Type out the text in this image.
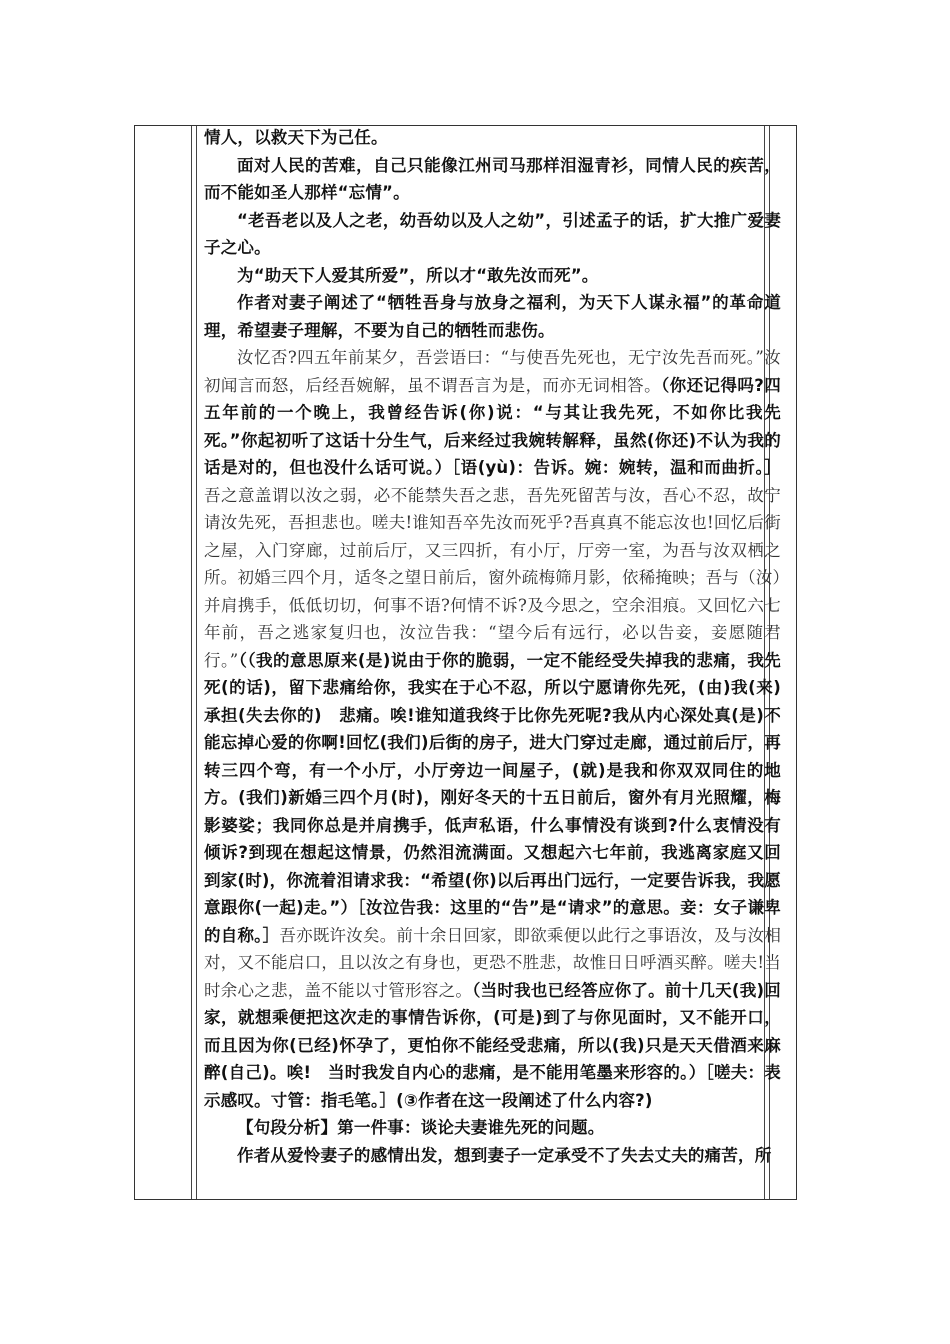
情人，以救天下为己任。

面对人民的苦难，自己只能像江州司马那样泪湿青衫，同情人民的疾苦，而不能如圣人那样“忘情”。

“老吾老以及人之老，幼吾幼以及人之幼”，引述孟子的话，扩大推广爱妻子之心。

为“助天下人爱其所爱”，所以才“敢先汝而死”。

作者对妻子阐述了“牺牲吾身与放身之福利，为天下人谋永福”的革命道理，希望妻子理解，不要为自己的牺牲而悲伤。

汝忆否?四五年前某夕，吾尝语曰：“与使吾先死也，无宁汝先吾而死。”汝初闻言而怒，后经吾婉解，虽不谓吾言为是，而亦无词相答。（你还记得吗?四五年前的一个晚上，我曾经告诉(你)说：“与其让我先死，不如你比我先死。”你起初听了这话十分生气，后来经过我婉转解释，虽然(你还)不认为我的话是对的，但也没什么话可说。）［语(yù)：告诉。婉：婉转，温和而曲折。］吾之意盖谓以汝之弱，必不能禁失吾之悲，吾先死留苦与汝，吾心不忍，故宁请汝先死，吾担悲也。嗟夫!谁知吾卒先汝而死乎?吾真真不能忘汝也!回忆后街之屋，入门穿廊，过前后厅，又三四折，有小厅，厅旁一室，为吾与汝双栖之所。初婚三四个月，适冬之望日前后，窗外疏梅筛月影，依稀掩映；吾与（汝）并肩携手，低低切切，何事不语?何情不诉?及今思之，空余泪痕。又回忆六七年前，吾之逃家复归也，汝泣告我：“望今后有远行，必以告妾，妾愿随君行。”（（我的意思原来(是)说由于你的脆弱，一定不能经受失掉我的悲痛，我先死(的话)，留下悲痛给你，我实在于心不忍，所以宁愿请你先死，(由)我(来)承担(失去你的)　悲痛。唉!谁知道我终于比你先死呢?我从内心深处真(是)不能忘掉心爱的你啊!回忆(我们)后街的房子，进大门穿过走廊，通过前后厅，再转三四个弯，有一个小厅，小厅旁边一间屋子，(就)是我和你双双同住的地方。(我们)新婚三四个月(时)，刚好冬天的十五日前后，窗外有月光照耀，梅影婆娑；我同你总是并肩携手，低声私语，什么事情没有谈到?什么衷情没有倾诉?到现在想起这情景，仍然泪流满面。又想起六七年前，我逃离家庭又回到家(时)，你流着泪请求我：“希望(你)以后再出门远行，一定要告诉我，我愿意跟你(一起)走。”）［汝泣告我：这里的“告”是“请求”的意思。妾：女子谦卑的自称。］吾亦既许汝矣。前十余日回家，即欲乘便以此行之事语汝，及与汝相对，又不能启口，且以汝之有身也，更恐不胜悲，故惟日日呼酒买醉。嗟夫!当时余心之悲，盖不能以寸管形容之。（当时我也已经答应你了。前十几天(我)回家，就想乘便把这次走的事情告诉你，(可是)到了与你见面时，又不能开口，而且因为你(已经)怀孕了，更怕你不能经受悲痛，所以(我)只是天天借酒来麻醉(自己)。唉!　当时我发自内心的悲痛，是不能用笔墨来形容的。）［嗟夫：表示感叹。寸管：指毛笔。］(③作者在这一段阐述了什么内容?)

【句段分析】第一件事：谈论夫妻谁先死的问题。

作者从爱怜妻子的感情出发，想到妻子一定承受不了失去丈夫的痛苦，所
